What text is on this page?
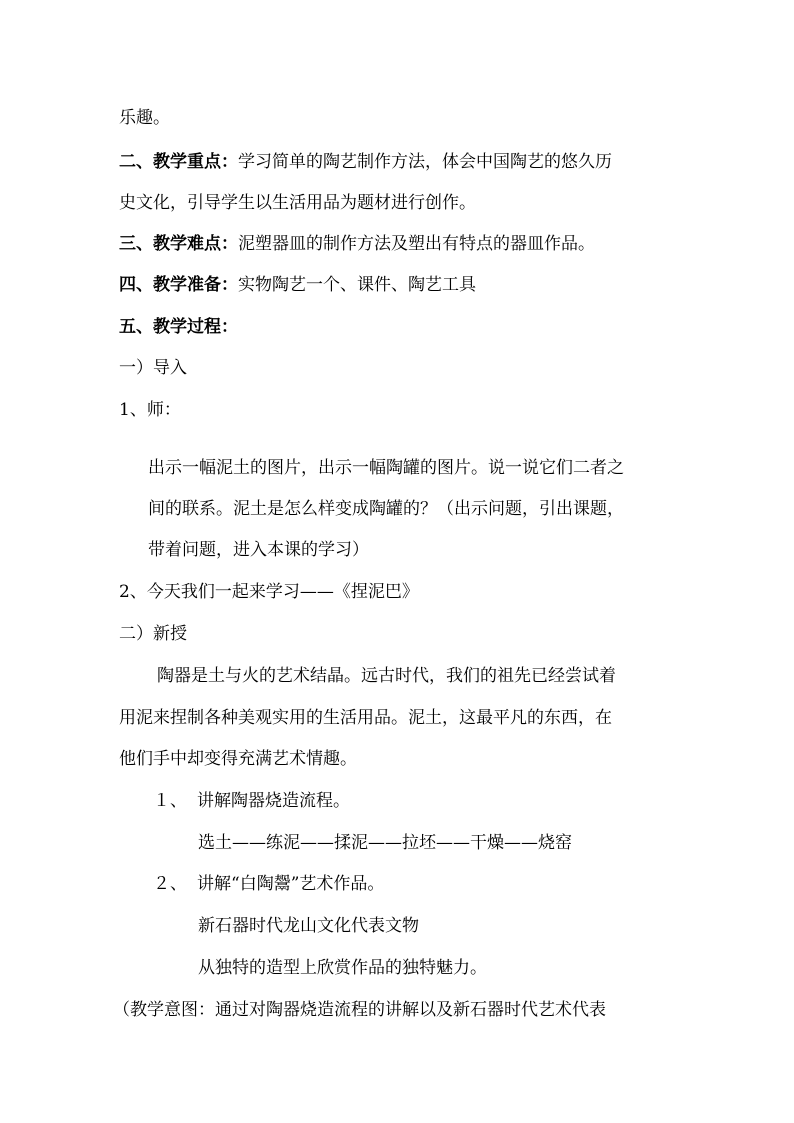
乐趣。
二、教学重点：学习简单的陶艺制作方法，体会中国陶艺的悠久历
史文化，引导学生以生活用品为题材进行创作。
三、教学难点：泥塑器皿的制作方法及塑出有特点的器皿作品。
四、教学准备：实物陶艺一个、课件、陶艺工具
五、教学过程：
一）导入
1、师：
出示一幅泥土的图片，出示一幅陶罐的图片。说一说它们二者之
间的联系。泥土是怎么样变成陶罐的？（出示问题，引出课题，
带着问题，进入本课的学习）
2、今天我们一起来学习——《捏泥巴》
二）新授
陶器是土与火的艺术结晶。远古时代，我们的祖先已经尝试着
用泥来捏制各种美观实用的生活用品。泥土，这最平凡的东西，在
他们手中却变得充满艺术情趣。
１、 讲解陶器烧造流程。
选土——练泥——揉泥——拉坯——干燥——烧窑
２、 讲解“白陶鬶”艺术作品。
新石器时代龙山文化代表文物
从独特的造型上欣赏作品的独特魅力。
（教学意图：通过对陶器烧造流程的讲解以及新石器时代艺术代表
